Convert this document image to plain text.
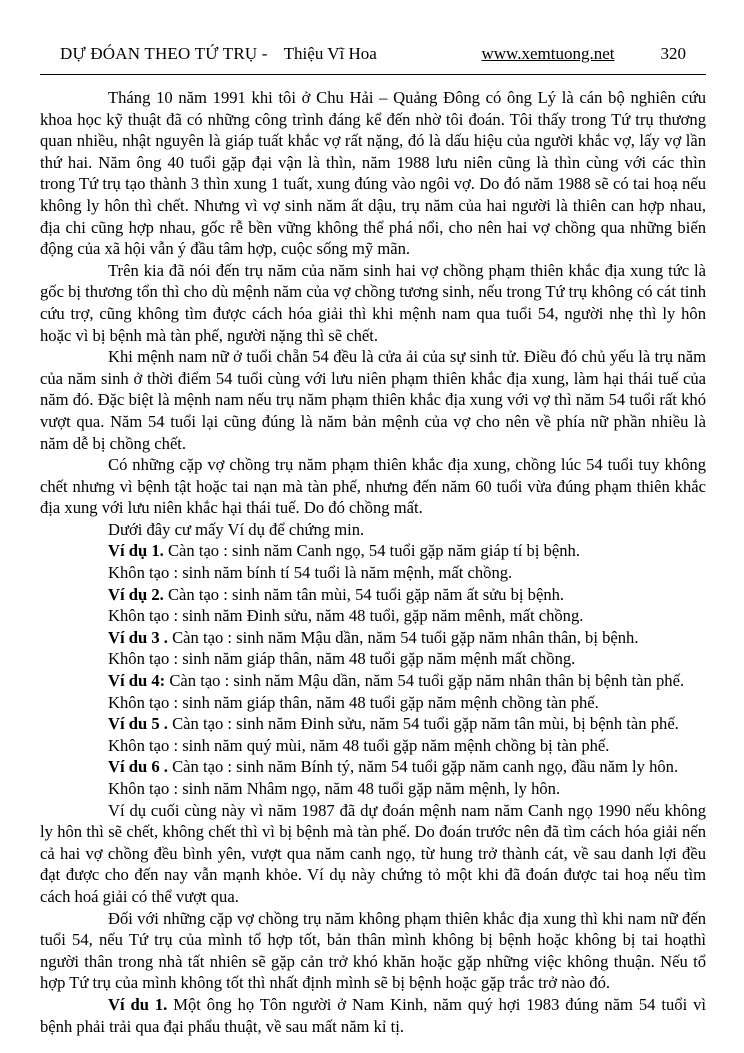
DỰ ĐÓAN THEO TỨ TRỤ - Thiệu Vĩ Hoa	www.xemtuong.net	320

Tháng 10 năm 1991 khi tôi ở Chu Hải – Quảng Đông có ông Lý là cán bộ nghiên cứu khoa học kỹ thuật đã có những công trình đáng kể đến nhờ tôi đoán. Tôi thấy trong Tứ trụ thương quan nhiều, nhật nguyên là giáp tuất khắc vợ rất nặng, đó là dấu hiệu của người khắc vợ, lấy vợ lần thứ hai. Năm ông 40 tuổi gặp đại vận là thìn, năm 1988 lưu niên cũng là thìn cùng với các thìn trong Tứ trụ tạo thành 3 thìn xung 1 tuất, xung đúng vào ngôi vợ. Do đó năm 1988 sẽ có tai hoạ nếu không ly hôn thì chết. Nhưng vì vợ sinh năm ất dậu, trụ năm của hai người là thiên can hợp nhau, địa chi cũng hợp nhau, gốc rễ bền vững không thể phá nổi, cho nên hai vợ chồng qua những biến động của xã hội vẫn ý đầu tâm hợp, cuộc sống mỹ mãn.

Trên kia đã nói đến trụ năm của năm sinh hai vợ chồng phạm thiên khắc địa xung tức là gốc bị thương tổn thì cho dù mệnh năm của vợ chồng tương sinh, nếu trong Tứ trụ không có cát tinh cứu trợ, cũng không tìm được cách hóa giải thì khi mệnh nam qua tuổi 54, người nhẹ thì ly hôn hoặc vì bị bệnh mà tàn phế, người nặng thì sẽ chết.

Khi mệnh nam nữ ở tuổi chẵn 54 đều là cửa ải của sự sinh tử. Điều đó chủ yếu là trụ năm của năm sinh ở thời điểm 54 tuổi cùng với lưu niên phạm thiên khắc địa xung, làm hại thái tuế của năm đó. Đặc biệt là mệnh nam nếu trụ năm phạm thiên khắc địa xung với vợ thì năm 54 tuổi rất khó vượt qua. Năm 54 tuổi lại cũng đúng là năm bản mệnh của vợ cho nên về phía nữ phần nhiều là năm dễ bị chồng chết.

Có những cặp vợ chồng trụ năm phạm thiên khắc địa xung, chồng lúc 54 tuổi tuy không chết nhưng vì bệnh tật hoặc tai nạn mà tàn phế, nhưng đến năm 60 tuổi vừa đúng phạm thiên khắc địa xung với lưu niên khắc hại thái tuế. Do đó chồng mất.

Dưới đây cư mấy Ví dụ để chứng min.

Ví dụ 1. Càn tạo : sinh năm Canh ngọ, 54 tuổi gặp năm giáp tí bị bệnh.

Khôn tạo : sinh năm bính tí 54 tuổi là năm mệnh, mất chồng.

Ví dụ 2. Càn tạo : sinh năm tân mùi, 54 tuổi gặp năm ất sửu bị bệnh.

Khôn tạo : sinh năm Đinh sửu, năm 48 tuổi, gặp năm mênh, mất chồng.

Ví du 3 . Càn tạo : sinh năm Mậu dần, năm 54 tuổi gặp năm nhân thân, bị bệnh.

Khôn tạo : sinh năm giáp thân, năm 48 tuổi gặp năm mệnh mất chồng.

Ví du 4: Càn tạo : sinh năm Mậu dần, năm 54 tuổi gặp năm nhân thân bị bệnh tàn phế.

Khôn tạo : sinh năm giáp thân, năm 48 tuổi gặp năm mệnh chồng tàn phế.

Ví du 5 . Càn tạo : sinh năm Đinh sửu, năm 54 tuổi gặp năm tân mùi, bị bệnh tàn phế.

Khôn tạo : sinh năm quý mùi, năm 48 tuổi gặp năm mệnh chồng bị tàn phế.

Ví du 6 . Càn tạo : sinh năm Bính tý, năm 54 tuổi gặp năm canh ngọ, đầu năm ly hôn.

Khôn tạo : sinh năm Nhâm ngọ, năm 48 tuổi gặp năm mệnh, ly hôn.

Ví dụ cuối cùng này vì năm 1987 đã dự đoán mệnh nam năm Canh ngọ 1990 nếu không ly hôn thì sẽ chết, không chết thì vì bị bệnh mà tàn phế. Do đoán trước nên đã tìm cách hóa giải nến cả hai vợ chồng đều bình yên, vượt qua năm canh ngọ, từ hung trở thành cát, về sau danh lợi đều đạt được cho đến nay vẫn mạnh khỏe. Ví dụ này chứng tỏ một khi đã đoán được tai hoạ nếu tìm cách hoá giải có thể vượt qua.

Đối với những cặp vợ chồng trụ năm không phạm thiên khắc địa xung thì khi nam nữ đến tuổi 54, nếu Tứ trụ của mình tổ hợp tốt, bản thân mình không bị bệnh hoặc không bị tai hoạthì người thân trong nhà tất nhiên sẽ gặp cản trở khó khăn hoặc gặp những việc không thuận. Nếu tổ hợp Tứ trụ của mình không tốt thì nhất định mình sẽ bị bệnh hoặc gặp trắc trở nào đó.

Ví du 1. Một ông họ Tôn người ở Nam Kinh, năm quý hợi 1983 đúng năm 54 tuổi vì bệnh phải trải qua đại phẩu thuật, về sau mất năm kỉ tị.
